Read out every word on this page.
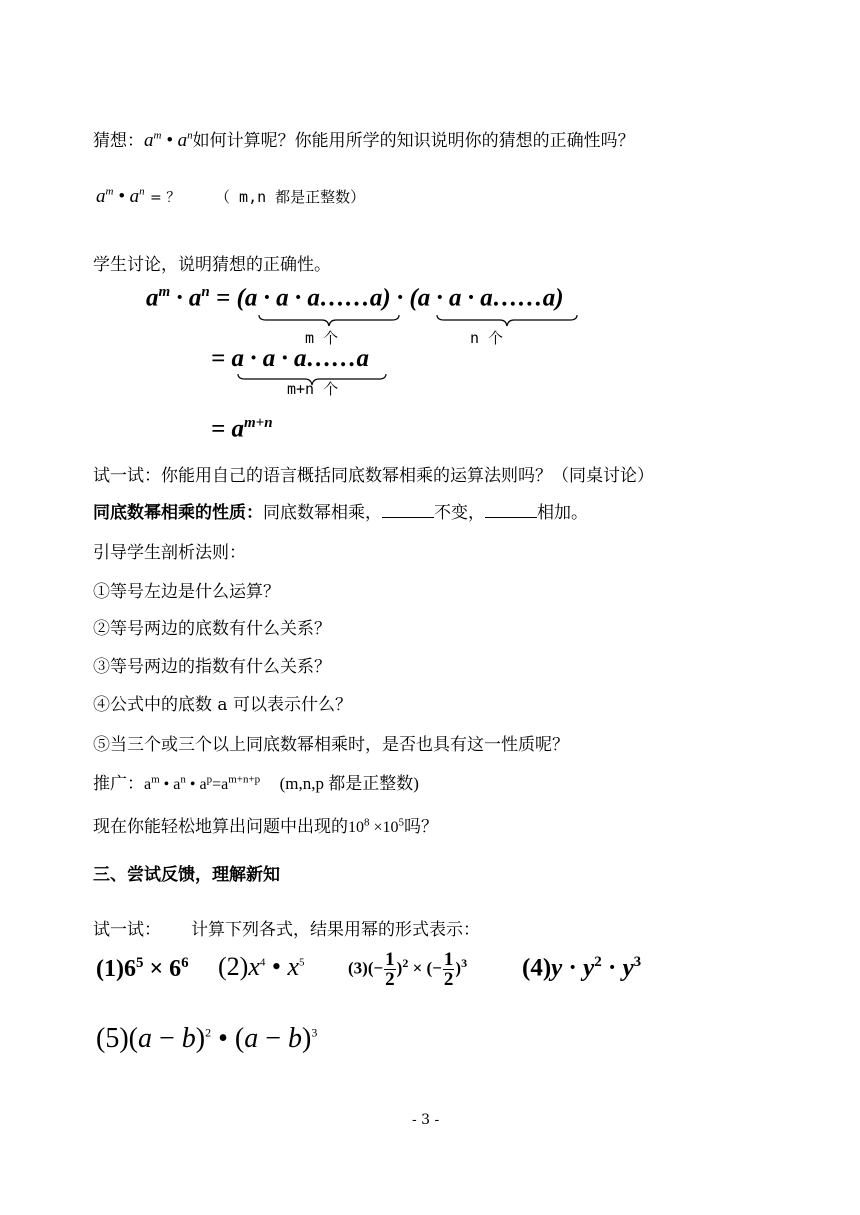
猜想：$a^m$ • $a^n$如何计算呢？你能用所学的知识说明你的猜想的正确性吗？
$a^m$ • $a^n$ = ？ （ m,n 都是正整数）
学生讨论，说明猜想的正确性。
$a^m \cdot a^n = (a \cdot a$ · a……a) · (a · a · a……a)
m 个	n 个
= a · a · a……a
m+n 个
= $a^{m+n}$
试一试：你能用自己的语言概括同底数幂相乘的运算法则吗？（同桌讨论）
同底数幂相乘的性质：同底数幂相乘，	不变，	相加。
引导学生剖析法则：
①等号左边是什么运算？
②等号两边的底数有什么关系？
③等号两边的指数有什么关系？
④公式中的底数 a 可以表示什么？
⑤当三个或三个以上同底数幂相乘时，是否也具有这一性质呢？
推广：$a^m$ • $a^n$ • $a^p=a^{m+n+p}$ (m,n,p 都是正整数)
现在你能轻松地算出问题中出现的$10^8 \times 10^5$吗？
三、尝试反馈，理解新知
试一试： 计算下列各式，结果用幂的形式表示：
$(1)6^5 \times 6^6$ $(2)x^4$ • $x^5$	$(3)(- \frac{1}{2} )^2$ × (− $\frac{1}{2} )^3$ $(4)y \cdot y^2 \cdot y^3$
$(5)(a - b)^2$ • $(a - b)^3$
- 3 -
